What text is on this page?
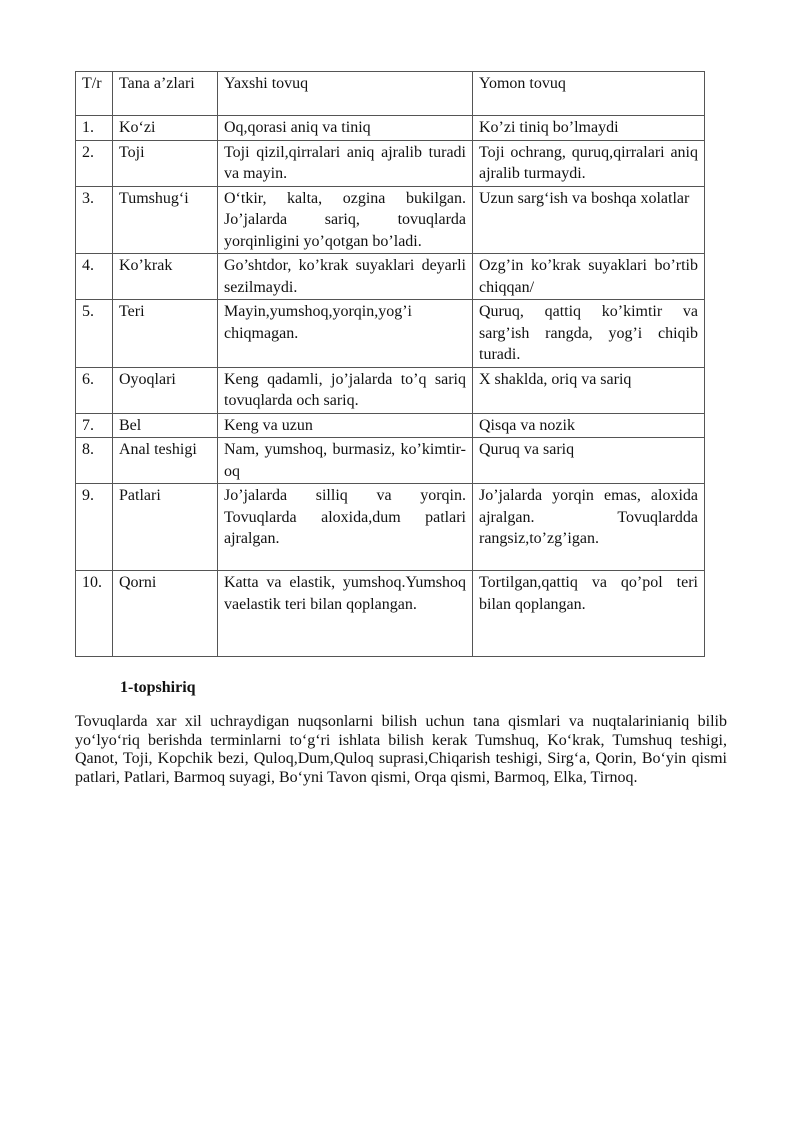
T/r	Tana a’zlari	Yaxshi tovuq	Yomon tovuq
1.	Ko‘zi	Oq,qorasi aniq va tiniq	Ko’zi tiniq bo’lmaydi
2.	Toji	Toji qizil,qirralari aniq ajralib turadi va mayin.	Toji ochrang, quruq,qirralari aniq ajralib turmaydi.
3.	Tumshug‘i	O‘tkir, kalta, ozgina bukilgan. Jo’jalarda sariq, tovuqlarda yorqinligini yo’qotgan bo’ladi.	Uzun sarg‘ish va boshqa xolatlar
4.	Ko’krak	Go’shtdor, ko’krak suyaklari deyarli sezilmaydi.	Ozg’in ko’krak suyaklari bo’rtib chiqqan/
5.	Teri	Mayin,yumshoq,yorqin,yog’i chiqmagan.	Quruq, qattiq ko’kimtir va sarg’ish rangda, yog’i chiqib turadi.
6.	Oyoqlari	Keng qadamli, jo’jalarda to’q sariq tovuqlarda och sariq.	X shaklda, oriq va sariq
7.	Bel	Keng va uzun	Qisqa va nozik
8.	Anal teshigi	Nam, yumshoq, burmasiz, ko’kimtir-oq	Quruq va sariq
9.	Patlari	Jo’jalarda silliq va yorqin. Tovuqlarda aloxida,dum patlari ajralgan.	Jo’jalarda yorqin emas, aloxida ajralgan. Tovuqlardda rangsiz,to’zg’igan.
10.	Qorni	Katta va elastik, yumshoq.Yumshoq vaelastik teri bilan qoplangan.	Tortilgan,qattiq va qo’pol teri bilan qoplangan.
1-topshiriq
Tovuqlarda xar xil uchraydigan nuqsonlarni bilish uchun tana qismlari va nuqtalarinianiq bilib yo‘lyo‘riq berishda terminlarni to‘g‘ri ishlata bilish kerak Tumshuq, Ko‘krak, Tumshuq teshigi, Qanot, Toji, Kopchik bezi, Quloq,Dum,Quloq suprasi,Chiqarish teshigi, Sirg‘a, Qorin, Bo‘yin qismi patlari, Patlari, Barmoq suyagi, Bo‘yni Tavon qismi, Orqa qismi, Barmoq, Elka, Tirnoq.
